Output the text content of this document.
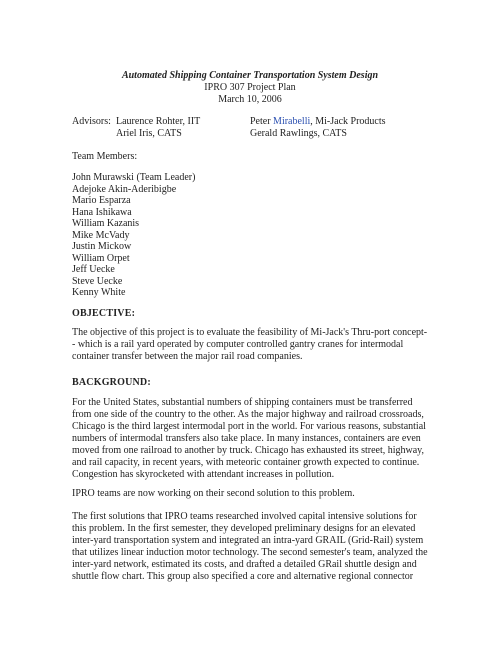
Automated Shipping Container Transportation System Design
IPRO 307 Project Plan
March 10, 2006
Advisors: Laurence Rohter, IIT
Ariel Iris, CATS
Peter Mirabelli, Mi-Jack Products
Gerald Rawlings, CATS
Team Members:
John Murawski (Team Leader)
Adejoke Akin-Aderibigbe
Mario Esparza
Hana Ishikawa
William Kazanis
Mike McVady
Justin Mickow
William Orpet
Jeff Uecke
Steve Uecke
Kenny White
OBJECTIVE:
The objective of this project is to evaluate the feasibility of Mi-Jack's Thru-port concept-
- which is a rail yard operated by computer controlled gantry cranes for intermodal
container transfer between the major rail road companies.
BACKGROUND:
For the United States, substantial numbers of shipping containers must be transferred
from one side of the country to the other. As the major highway and railroad crossroads,
Chicago is the third largest intermodal port in the world. For various reasons, substantial
numbers of intermodal transfers also take place. In many instances, containers are even
moved from one railroad to another by truck. Chicago has exhausted its street, highway,
and rail capacity, in recent years, with meteoric container growth expected to continue.
Congestion has skyrocketed with attendant increases in pollution.
IPRO teams are now working on their second solution to this problem.
The first solutions that IPRO teams researched involved capital intensive solutions for
this problem. In the first semester, they developed preliminary designs for an elevated
inter-yard transportation system and integrated an intra-yard GRAIL (Grid-Rail) system
that utilizes linear induction motor technology. The second semester's team, analyzed the
inter-yard network, estimated its costs, and drafted a detailed GRail shuttle design and
shuttle flow chart. This group also specified a core and alternative regional connector
